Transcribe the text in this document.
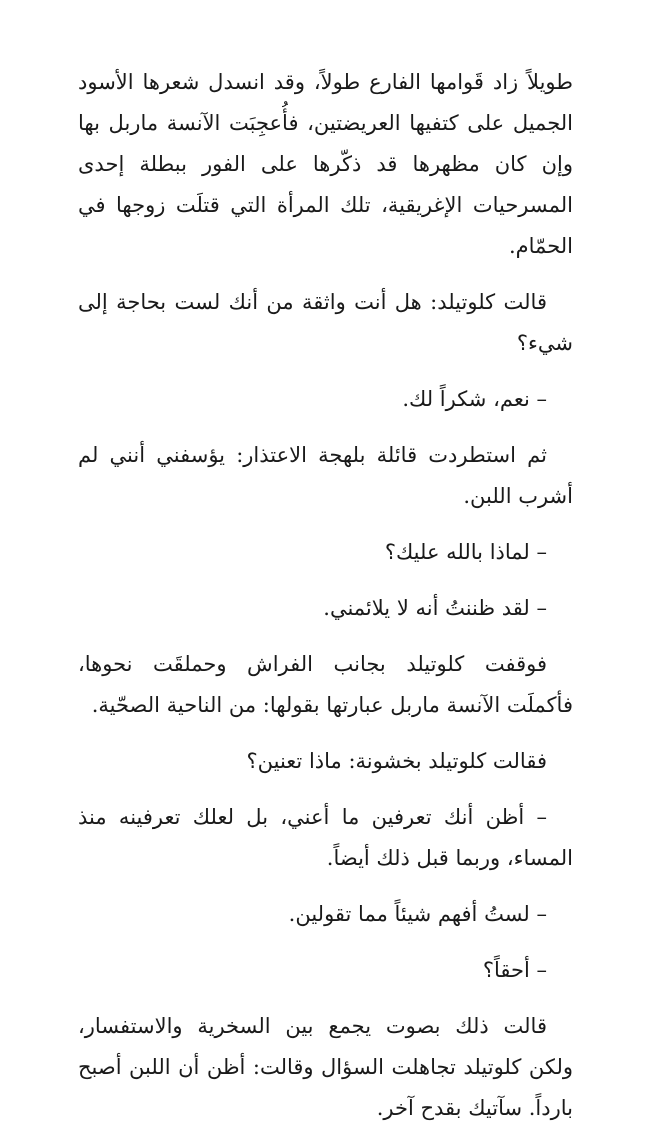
طويلاً زاد قَوامها الفارع طولاً، وقد انسدل شعرها الأسود الجميل على كتفيها العريضتين، فأُعجِبَت الآنسة ماربل بها وإن كان مظهرها قد ذكّرها على الفور ببطلة إحدى المسرحيات الإغريقية، تلك المرأة التي قتلَت زوجها في الحمّام.

قالت كلوتيلد: هل أنت واثقة من أنك لست بحاجة إلى شيء؟

– نعم، شكراً لك.

ثم استطردت قائلة بلهجة الاعتذار: يؤسفني أنني لم أشرب اللبن.

– لماذا بالله عليك؟

– لقد ظننتُ أنه لا يلائمني.

فوقفت كلوتيلد بجانب الفراش وحملقَت نحوها، فأكملَت الآنسة ماربل عبارتها بقولها: من الناحية الصحّية.

فقالت كلوتيلد بخشونة: ماذا تعنين؟

– أظن أنك تعرفين ما أعني، بل لعلك تعرفينه منذ المساء، وربما قبل ذلك أيضاً.

– لستُ أفهم شيئاً مما تقولين.

– أحقاً؟

قالت ذلك بصوت يجمع بين السخرية والاستفسار، ولكن كلوتيلد تجاهلت السؤال وقالت: أظن أن اللبن أصبح بارداً. سآتيك بقدح آخر.
